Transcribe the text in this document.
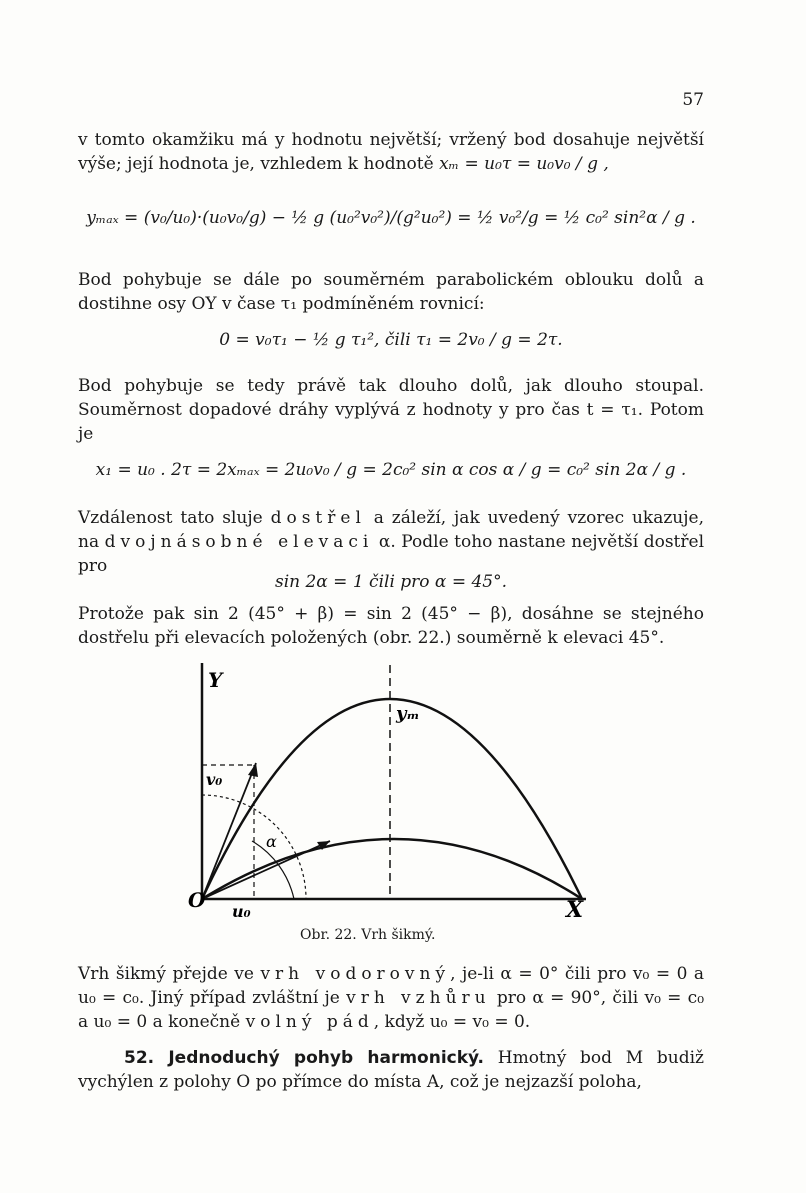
57
v tomto okamžiku má y hodnotu největší; vržený bod dosahuje největší výše; její hodnota je, vzhledem k hodnotě xₘ = u₀τ = u₀v₀ / g ,
yₘₐₓ = (v₀/u₀)·(u₀v₀/g) − ½ g (u₀²v₀²)/(g²u₀²) = ½ v₀²/g = ½ c₀² sin²α / g .
Bod pohybuje se dále po souměrném parabolickém oblouku dolů a dostihne osy OY v čase τ₁ podmíněném rovnicí:
0 = v₀τ₁ − ½ g τ₁², čili τ₁ = 2v₀ / g = 2τ.
Bod pohybuje se tedy právě tak dlouho dolů, jak dlouho stoupal. Souměrnost dopadové dráhy vyplývá z hodnoty y pro čas t = τ₁. Potom je
x₁ = u₀ . 2τ = 2xₘₐₓ = 2u₀v₀ / g = 2c₀² sin α cos α / g = c₀² sin 2α / g .
Vzdálenost tato sluje dostřel a záleží, jak uvedený vzorec ukazuje, na dvojnásobné elevaci α. Podle toho nastane největší dostřel pro
sin 2α = 1 čili pro α = 45°.
Protože pak sin 2 (45° + β) = sin 2 (45° − β), dosáhne se stejného dostřelu při elevacích položených (obr. 22.) souměrně k elevaci 45°.
Y
X
O
yₘ
v₀
u₀
α
Obr. 22. Vrh šikmý.
Vrh šikmý přejde ve vrh vodorovný, je-li α = 0° čili pro v₀ = 0 a u₀ = c₀. Jiný případ zvláštní je vrh vzhůru pro α = 90°, čili v₀ = c₀ a u₀ = 0 a konečně volný pád, když u₀ = v₀ = 0.
52. Jednoduchý pohyb harmonický. Hmotný bod M budiž vychýlen z polohy O po přímce do místa A, což je nejzazší poloha,
